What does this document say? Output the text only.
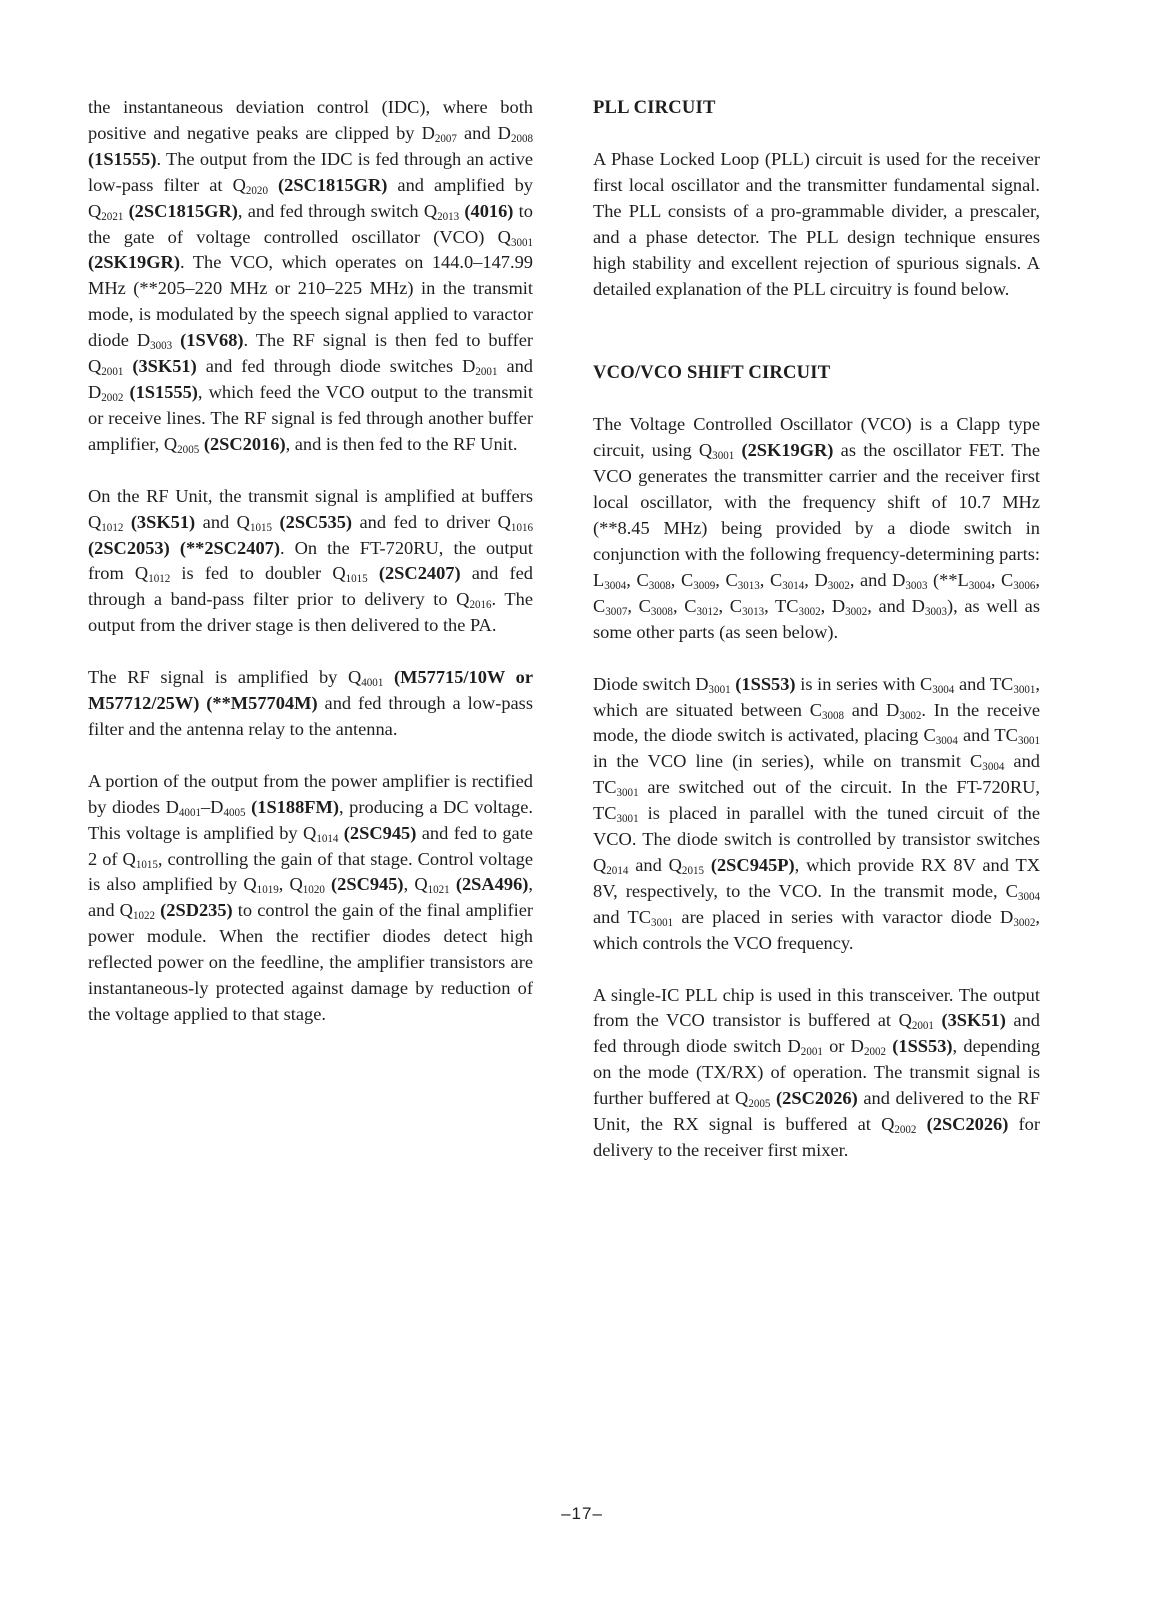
the instantaneous deviation control (IDC), where both positive and negative peaks are clipped by $D_{2007}$ and $D_{2008}$ (1S1555). The output from the IDC is fed through an active low-pass filter at $Q_{2020}$ (2SC1815GR) and amplified by $Q_{2021}$ (2SC1815GR), and fed through switch $Q_{2013}$ (4016) to the gate of voltage controlled oscillator (VCO) $Q_{3001}$ (2SK19GR). The VCO, which operates on 144.0–147.99 MHz (**205–220 MHz or 210–225 MHz) in the transmit mode, is modulated by the speech signal applied to varactor diode $D_{3003}$ (1SV68). The RF signal is then fed to buffer $Q_{2001}$ (3SK51) and fed through diode switches $D_{2001}$ and $D_{2002}$ (1S1555), which feed the VCO output to the transmit or receive lines. The RF signal is fed through another buffer amplifier, $Q_{2005}$ (2SC2016), and is then fed to the RF Unit.

On the RF Unit, the transmit signal is amplified at buffers $Q_{1012}$ (3SK51) and $Q_{1015}$ (2SC535) and fed to driver $Q_{1016}$ (2SC2053) (**2SC2407). On the FT-720RU, the output from $Q_{1012}$ is fed to doubler $Q_{1015}$ (2SC2407) and fed through a band-pass filter prior to delivery to $Q_{2016}$. The output from the driver stage is then delivered to the PA.

The RF signal is amplified by $Q_{4001}$ (M57715/10W or M57712/25W) (**M57704M) and fed through a low-pass filter and the antenna relay to the antenna.

A portion of the output from the power amplifier is rectified by diodes $D_{4001}-D_{4005}$ (1S188FM), producing a DC voltage. This voltage is amplified by $Q_{1014}$ (2SC945) and fed to gate 2 of $Q_{1015}$, controlling the gain of that stage. Control voltage is also amplified by $Q_{1019}$, $Q_{1020}$ (2SC945), $Q_{1021}$ (2SA496), and $Q_{1022}$ (2SD235) to control the gain of the final amplifier power module. When the rectifier diodes detect high reflected power on the feedline, the amplifier transistors are instantaneous-ly protected against damage by reduction of the voltage applied to that stage.

PLL CIRCUIT

A Phase Locked Loop (PLL) circuit is used for the receiver first local oscillator and the transmitter fundamental signal. The PLL consists of a pro-grammable divider, a prescaler, and a phase detector. The PLL design technique ensures high stability and excellent rejection of spurious signals. A detailed explanation of the PLL circuitry is found below.

VCO/VCO SHIFT CIRCUIT

The Voltage Controlled Oscillator (VCO) is a Clapp type circuit, using $Q_{3001}$ (2SK19GR) as the oscillator FET. The VCO generates the transmitter carrier and the receiver first local oscillator, with the frequency shift of 10.7 MHz (**8.45 MHz) being provided by a diode switch in conjunction with the following frequency-determining parts: $L_{3004}$, $C_{3008}$, $C_{3009}$, $C_{3013}$, $C_{3014}$, $D_{3002}$, and $D_{3003}$ ($**L_{3004}$, $C_{3006}$, $C_{3007}$, $C_{3008}$, $C_{3012}$, $C_{3013}$, $TC_{3002}$, $D_{3002}$, and $D_{3003}$), as well as some other parts (as seen below).

Diode switch $D_{3001}$ (1SS53) is in series with $C_{3004}$ and $TC_{3001}$, which are situated between $C_{3008}$ and $D_{3002}$. In the receive mode, the diode switch is activated, placing $C_{3004}$ and $TC_{3001}$ in the VCO line (in series), while on transmit $C_{3004}$ and $TC_{3001}$ are switched out of the circuit. In the FT-720RU, $TC_{3001}$ is placed in parallel with the tuned circuit of the VCO. The diode switch is controlled by transistor switches $Q_{2014}$ and $Q_{2015}$ (2SC945P), which provide RX 8V and TX 8V, respectively, to the VCO. In the transmit mode, $C_{3004}$ and $TC_{3001}$ are placed in series with varactor diode $D_{3002}$, which controls the VCO frequency.

A single-IC PLL chip is used in this transceiver. The output from the VCO transistor is buffered at $Q_{2001}$ (3SK51) and fed through diode switch $D_{2001}$ or $D_{2002}$ (1SS53), depending on the mode (TX/RX) of operation. The transmit signal is further buffered at $Q_{2005}$ (2SC2026) and delivered to the RF Unit, the RX signal is buffered at $Q_{2002}$ (2SC2026) for delivery to the receiver first mixer.

–17–
